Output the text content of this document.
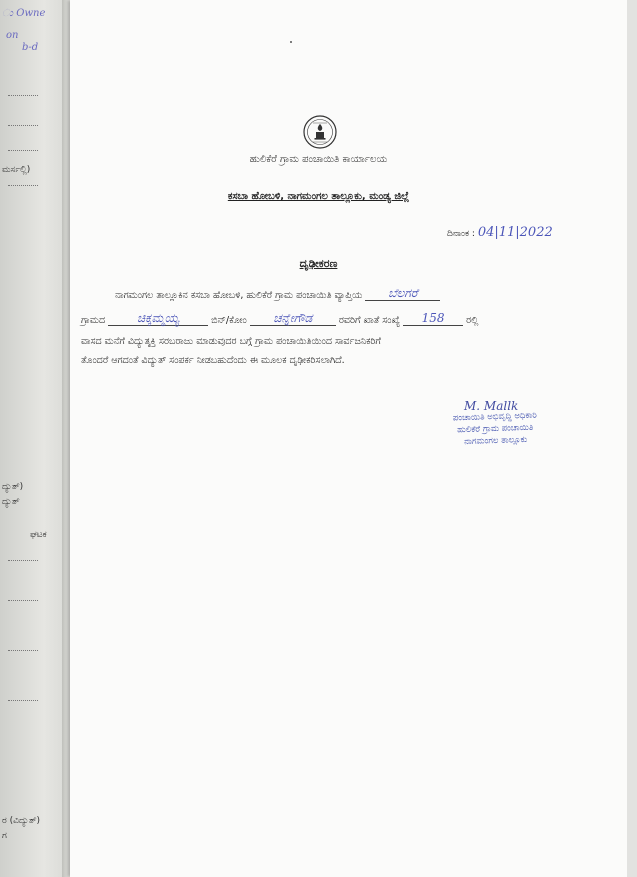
ು Owne
on
b-d
ಮರ್ಸಲ್ಲಿ)
ದ್ಯುತ್)
ದ್ಯುತ್
ಘಟಕ
ರ (ವಿದ್ಯುತ್)
ಗ
ಹುಲಿಕೆರೆ ಗ್ರಾಮ ಪಂಚಾಯಿತಿ ಕಾರ್ಯಾಲಯ
ಕಸಬಾ ಹೋಬಳಿ, ನಾಗಮಂಗಲ ತಾಲ್ಲೂಕು, ಮಂಡ್ಯ ಜಿಲ್ಲೆ
ದಿನಾಂಕ : 04|11|2022
ದೃಢೀಕರಣ
ನಾಗಮಂಗಲ ತಾಲ್ಲೂಕಿನ ಕಸಬಾ ಹೋಬಳಿ, ಹುಲಿಕೆರೆ ಗ್ರಾಮ ಪಂಚಾಯಿತಿ ವ್ಯಾಪ್ತಿಯ ಬೆಲಗರೆ
ಗ್ರಾಮದ	ಚಿಕ್ಕಮ್ಮಯ್ಯ	ಬಿನ್/ಕೋಂ ಚನ್ನೇಗೌಡ	ರವರಿಗೆ ಖಾತೆ ಸಂಖ್ಯೆ 158 ರಲ್ಲಿ
ವಾಸದ ಮನೆಗೆ ವಿದ್ಯುತ್ಶಕ್ತಿ ಸರಬರಾಜು ಮಾಡುವುದರ ಬಗ್ಗೆ ಗ್ರಾಮ ಪಂಚಾಯಿತಿಯಿಂದ ಸಾರ್ವಜನಿಕರಿಗೆ
ತೊಂದರೆ ಆಗದಂತೆ ವಿದ್ಯುತ್ ಸಂಪರ್ಕ ನೀಡಬಹುದೆಂದು ಈ ಮೂಲಕ ದೃಢೀಕರಿಸಲಾಗಿದೆ.
M. Mallk
ಪಂಚಾಯಿತಿ ಅಭಿವೃದ್ಧಿ ಅಧಿಕಾರಿ
ಹುಲಿಕೆರೆ ಗ್ರಾಮ ಪಂಚಾಯಿತಿ
ನಾಗಮಂಗಲ ತಾಲ್ಲೂಕು
